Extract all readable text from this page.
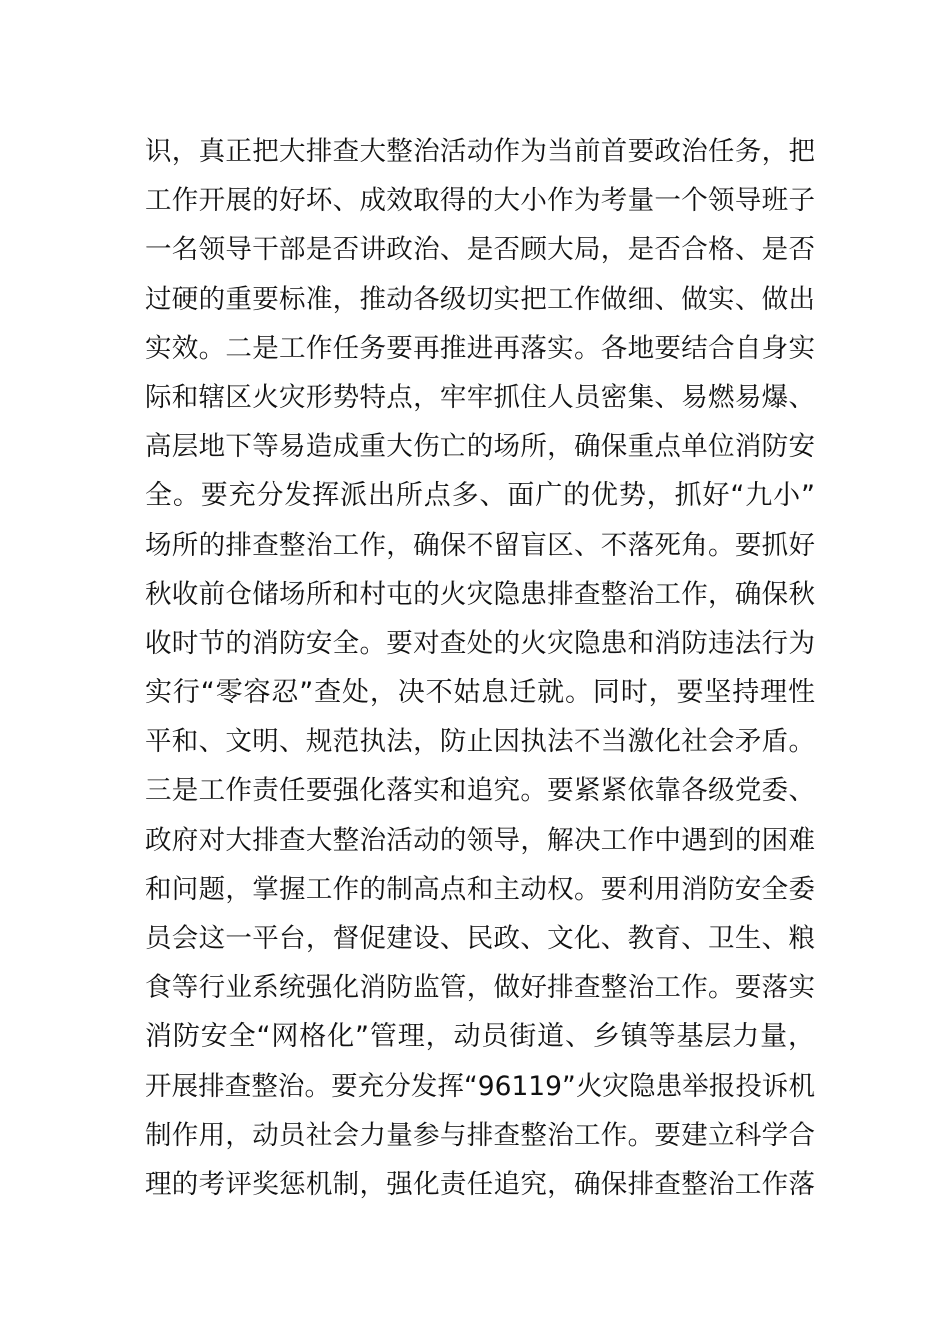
识，真正把大排查大整治活动作为当前首要政治任务，把
工作开展的好坏、成效取得的大小作为考量一个领导班子
一名领导干部是否讲政治、是否顾大局，是否合格、是否
过硬的重要标准，推动各级切实把工作做细、做实、做出
实效。二是工作任务要再推进再落实。各地要结合自身实
际和辖区火灾形势特点，牢牢抓住人员密集、易燃易爆、
高层地下等易造成重大伤亡的场所，确保重点单位消防安
全。要充分发挥派出所点多、面广的优势，抓好“九小”
场所的排查整治工作，确保不留盲区、不落死角。要抓好
秋收前仓储场所和村屯的火灾隐患排查整治工作，确保秋
收时节的消防安全。要对查处的火灾隐患和消防违法行为
实行“零容忍”查处，决不姑息迁就。同时，要坚持理性
平和、文明、规范执法，防止因执法不当激化社会矛盾。
三是工作责任要强化落实和追究。要紧紧依靠各级党委、
政府对大排查大整治活动的领导，解决工作中遇到的困难
和问题，掌握工作的制高点和主动权。要利用消防安全委
员会这一平台，督促建设、民政、文化、教育、卫生、粮
食等行业系统强化消防监管，做好排查整治工作。要落实
消防安全“网格化”管理，动员街道、乡镇等基层力量，
开展排查整治。要充分发挥“96119”火灾隐患举报投诉机
制作用，动员社会力量参与排查整治工作。要建立科学合
理的考评奖惩机制，强化责任追究，确保排查整治工作落
